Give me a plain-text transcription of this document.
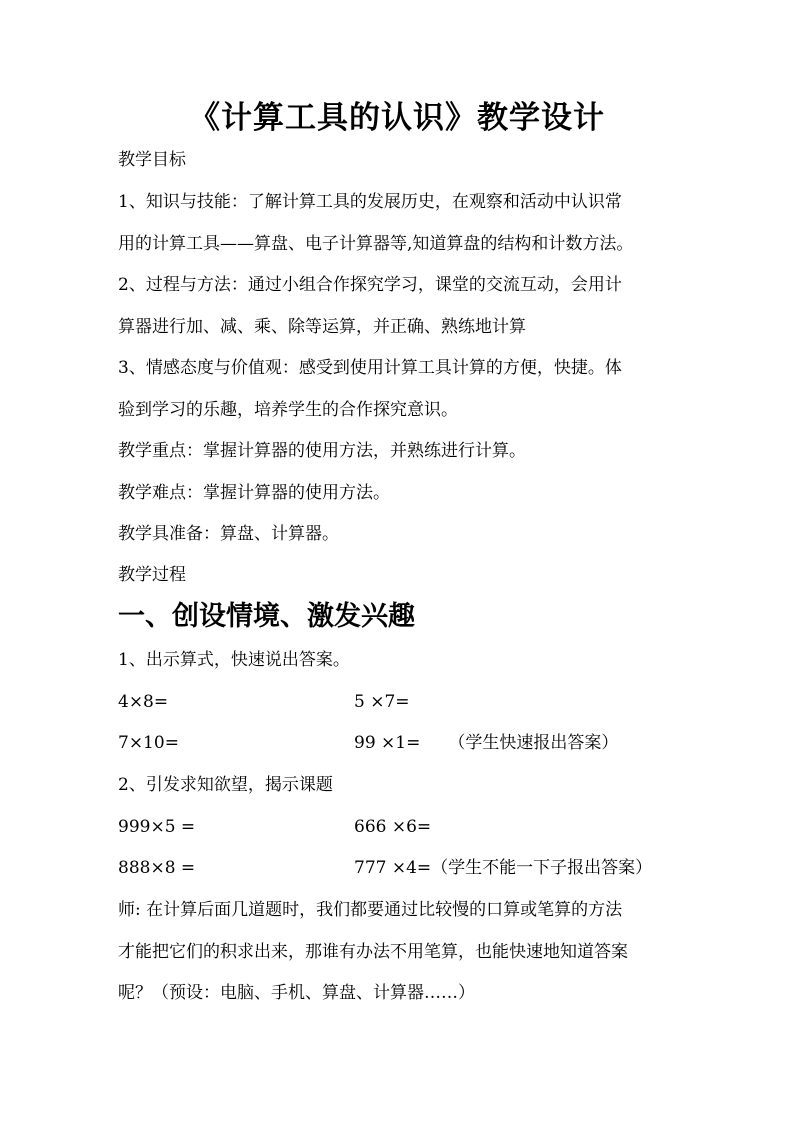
《计算工具的认识》教学设计
教学目标
1、知识与技能：了解计算工具的发展历史，在观察和活动中认识常
用的计算工具——算盘、电子计算器等,知道算盘的结构和计数方法。
2、过程与方法：通过小组合作探究学习，课堂的交流互动，会用计
算器进行加、减、乘、除等运算，并正确、熟练地计算
3、情感态度与价值观：感受到使用计算工具计算的方便，快捷。体
验到学习的乐趣，培养学生的合作探究意识。
教学重点：掌握计算器的使用方法，并熟练进行计算。
教学难点：掌握计算器的使用方法。
教学具准备：算盘、计算器。
教学过程
一、创设情境、激发兴趣
1、出示算式，快速说出答案。
4×8=	5 ×7=
7×10=	99 ×1= （学生快速报出答案）
2、引发求知欲望，揭示课题
999×5 =	666 ×6=
888×8 =	777 ×4=（学生不能一下子报出答案）
师: 在计算后面几道题时，我们都要通过比较慢的口算或笔算的方法
才能把它们的积求出来，那谁有办法不用笔算，也能快速地知道答案
呢？（预设：电脑、手机、算盘、计算器……）
